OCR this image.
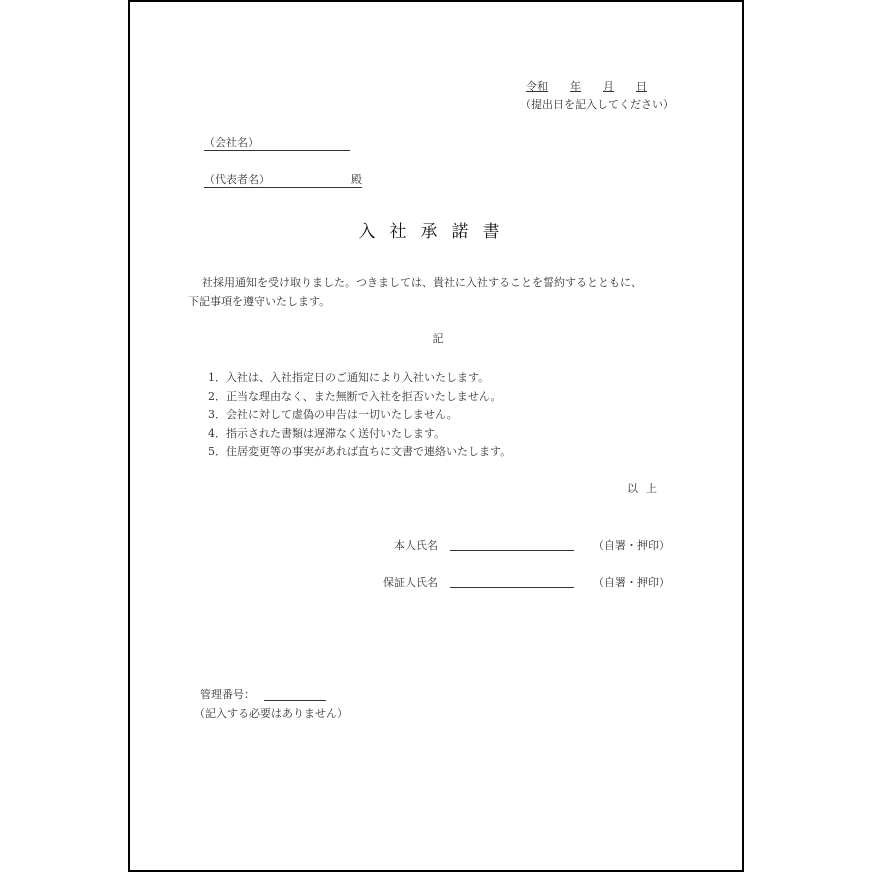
令和   年   月   日
（提出日を記入してください）
（会社名）
（代表者名）	殿
入社承諾書
社採用通知を受け取りました。つきましては、貴社に入社することを誓約するとともに、
下記事項を遵守いたします。
記
1．入社は、入社指定日のご通知により入社いたします。
2．正当な理由なく、また無断で入社を拒否いたしません。
3．会社に対して虚偽の申告は一切いたしません。
4．指示された書類は遅滞なく送付いたします。
5．住居変更等の事実があれば直ちに文書で連絡いたします。
以上
本人氏名	（自署・押印）
保証人氏名	（自署・押印）
管理番号：
（記入する必要はありません）
